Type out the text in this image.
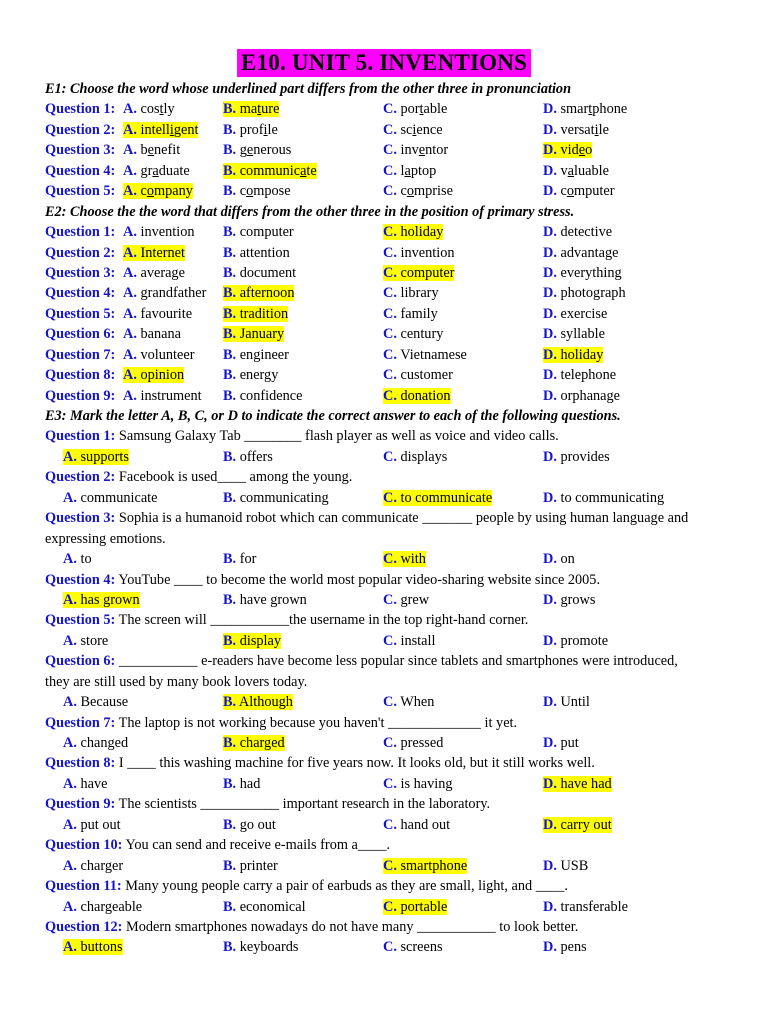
E10. UNIT 5. INVENTIONS
E1: Choose the word whose underlined part differs from the other three in pronunciation
Question 1: A. costly	B. mature	C. portable	D. smartphone
Question 2: A. intelligent B. profile	C. science	D. versatile
Question 3: A. benefit	B. generous	C. inventor	D. video
Question 4: A. graduate B. communicate	C. laptop	D. valuable
Question 5: A. company B. compose	C. comprise	D. computer
E2: Choose the the word that differs from the other three in the position of primary stress.
Question 1: A. invention B. computer	C. holiday	D. detective
Question 2: A. Internet	B. attention	C. invention	D. advantage
Question 3: A. average	B. document	C. computer	D. everything
Question 4: A. grandfather B. afternoon	C. library	D. photograph
Question 5: A. favourite B. tradition	C. family	D. exercise
Question 6: A. banana	B. January	C. century	D. syllable
Question 7: A. volunteer B. engineer	C. Vietnamese	D. holiday
Question 8: A. opinion	B. energy	C. customer	D. telephone
Question 9: A. instrument B. confidence	C. donation	D. orphanage
E3: Mark the letter A, B, C, or D to indicate the correct answer to each of the following questions.
Question 1: Samsung Galaxy Tab ________ flash player as well as voice and video calls.
A. supports	B. offers	C. displays	D. provides
Question 2: Facebook is used____ among the young.
A. communicate	B. communicating	C. to communicate	D. to communicating
Question 3: Sophia is a humanoid robot which can communicate _______ people by using human language and
expressing emotions.
A. to	B. for	C. with	D. on
Question 4: YouTube ____ to become the world most popular video-sharing website since 2005.
A. has grown	B. have grown	C. grew	D. grows
Question 5: The screen will ___________the username in the top right-hand corner.
A. store	B. display	C. install	D. promote
Question 6: ___________ e-readers have become less popular since tablets and smartphones were introduced,
they are still used by many book lovers today.
A. Because	B. Although	C. When	D. Until
Question 7: The laptop is not working because you haven't _____________ it yet.
A. changed	B. charged	C. pressed	D. put
Question 8: I ____ this washing machine for five years now. It looks old, but it still works well.
A. have	B. had	C. is having	D. have had
Question 9: The scientists ___________ important research in the laboratory.
A. put out	B. go out	C. hand out	D. carry out
Question 10: You can send and receive e-mails from a____.
A. charger	B. printer	C. smartphone	D. USB
Question 11: Many young people carry a pair of earbuds as they are small, light, and ____.
A. chargeable	B. economical	C. portable	D. transferable
Question 12: Modern smartphones nowadays do not have many ___________ to look better.
A. buttons	B. keyboards	C. screens	D. pens
